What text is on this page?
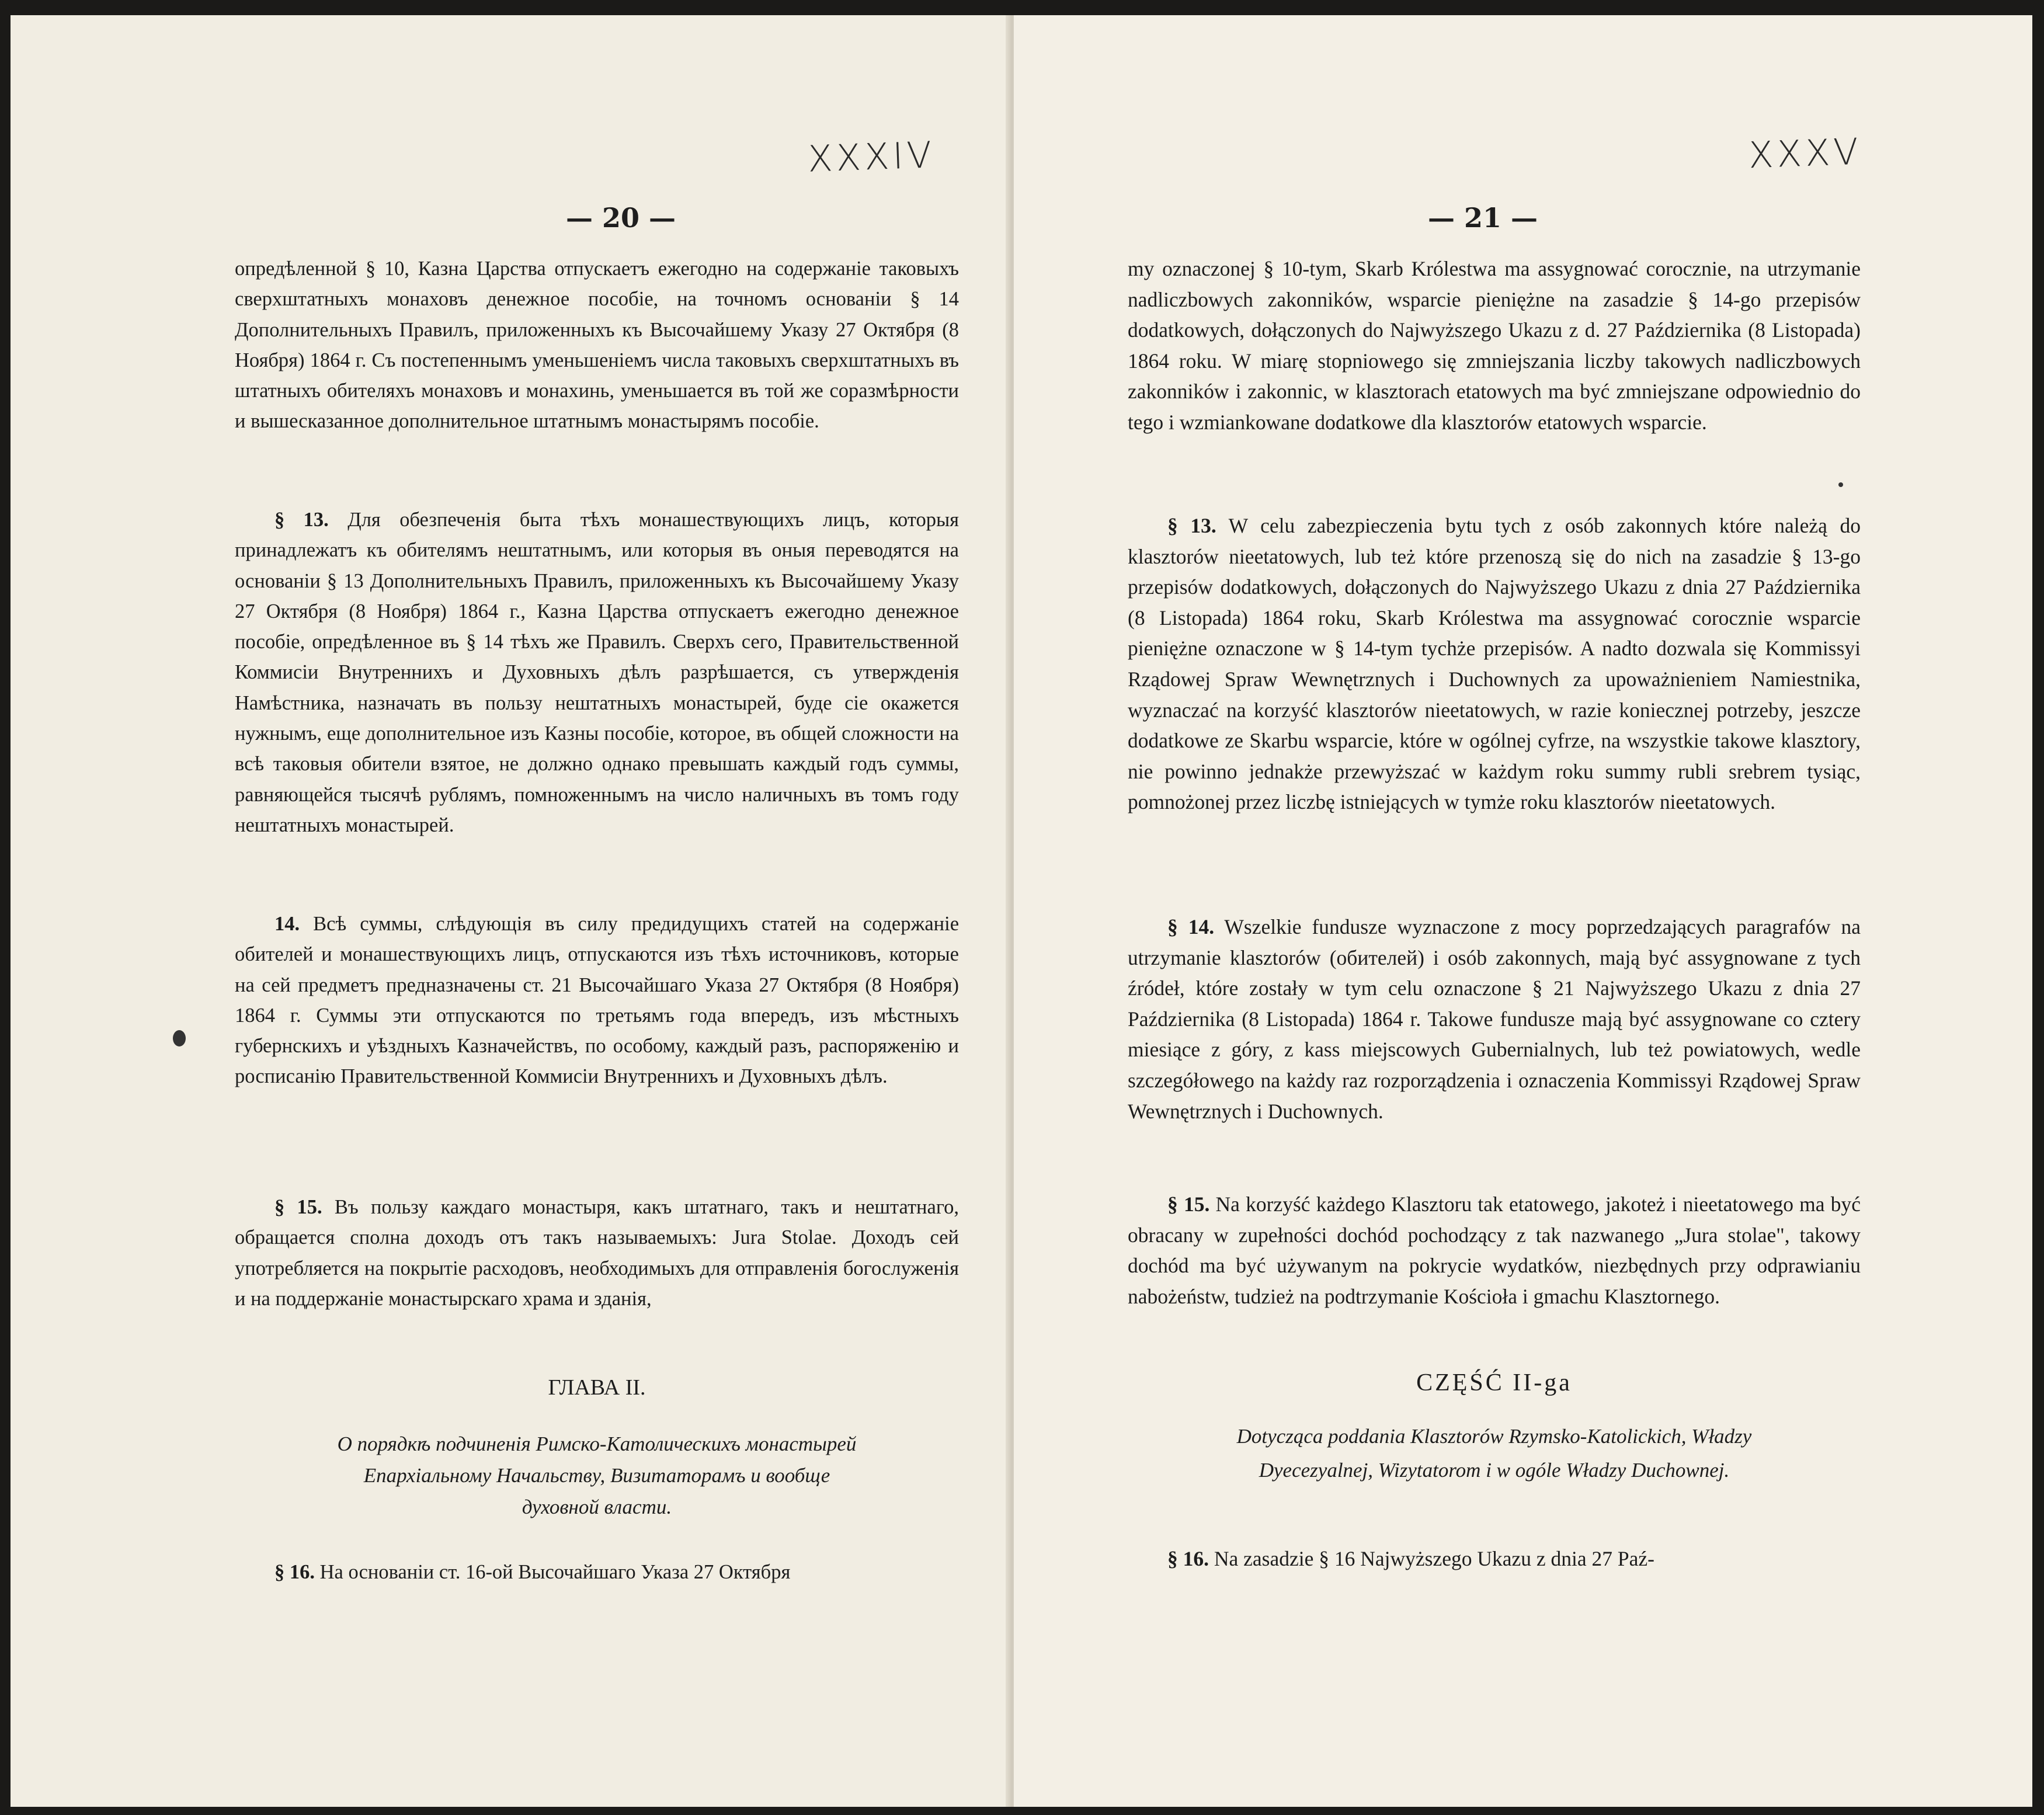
XXXIV
— 20 —

опредѣленной § 10, Казна Царства отпускаетъ ежегодно на содержаніе таковыхъ сверхштатныхъ монаховъ денежное пособіе, на точномъ основаніи § 14 Дополнительныхъ Правилъ, приложенныхъ къ Высочайшему Указу 27 Октября (8 Ноября) 1864 г. Съ постепеннымъ уменьшеніемъ числа таковыхъ сверхштатныхъ въ штатныхъ обителяхъ монаховъ и монахинь, уменьшается въ той же соразмѣрности и вышесказанное дополнительное штатнымъ монастырямъ пособіе.

§ 13. Для обезпеченія быта тѣхъ монашествующихъ лицъ, которыя принадлежатъ къ обителямъ нештатнымъ, или которыя въ оныя переводятся на основаніи § 13 Дополнительныхъ Правилъ, приложенныхъ къ Высочайшему Указу 27 Октября (8 Ноября) 1864 г., Казна Царства отпускаетъ ежегодно денежное пособіе, опредѣленное въ § 14 тѣхъ же Правилъ. Сверхъ сего, Правительственной Коммисіи Внутреннихъ и Духовныхъ дѣлъ разрѣшается, съ утвержденія Намѣстника, назначать въ пользу нештатныхъ монастырей, буде сіе окажется нужнымъ, еще дополнительное изъ Казны пособіе, которое, въ общей сложности на всѣ таковыя обители взятое, не должно однако превышать каждый годъ суммы, равняющейся тысячѣ рублямъ, помноженнымъ на число наличныхъ въ томъ году нештатныхъ монастырей.

14. Всѣ суммы, слѣдующія въ силу предидущихъ статей на содержаніе обителей и монашествующихъ лицъ, отпускаются изъ тѣхъ источниковъ, которые на сей предметъ предназначены ст. 21 Высочайшаго Указа 27 Октября (8 Ноября) 1864 г. Суммы эти отпускаются по третьямъ года впередъ, изъ мѣстныхъ губернскихъ и уѣздныхъ Казначействъ, по особому, каждый разъ, распоряженію и росписанію Правительственной Коммисіи Внутреннихъ и Духовныхъ дѣлъ.

§ 15. Въ пользу каждаго монастыря, какъ штатнаго, такъ и нештатнаго, обращается сполна доходъ отъ такъ называемыхъ: Jura Stolae. Доходъ сей употребляется на покрытіе расходовъ, необходимыхъ для отправленія богослуженія и на поддержаніе монастырскаго храма и зданія,

ГЛАВА II.
О порядкѣ подчиненія Римско-Католическихъ монастырей
Епархіальному Начальству, Визитаторамъ и вообще
духовной власти.

§ 16. На основаніи ст. 16-ой Высочайшаго Указа 27 Октября

XXXV
— 21 —

my oznaczonej § 10-tym, Skarb Królestwa ma assygnować corocznie, na utrzymanie nadliczbowych zakonników, wsparcie pieniężne na zasadzie § 14-go przepisów dodatkowych, dołączonych do Najwyższego Ukazu z d. 27 Października (8 Listopada) 1864 roku. W miarę stopniowego się zmniejszania liczby takowych nadliczbowych zakonników i zakonnic, w klasztorach etatowych ma być zmniejszane odpowiednio do tego i wzmiankowane dodatkowe dla klasztorów etatowych wsparcie.

§ 13. W celu zabezpieczenia bytu tych z osób zakonnych które należą do klasztorów nieetatowych, lub też które przenoszą się do nich na zasadzie § 13-go przepisów dodatkowych, dołączonych do Najwyższego Ukazu z dnia 27 Października (8 Listopada) 1864 roku, Skarb Królestwa ma assygnować corocznie wsparcie pieniężne oznaczone w § 14-tym tychże przepisów. A nadto dozwala się Kommissyi Rządowej Spraw Wewnętrznych i Duchownych za upoważnieniem Namiestnika, wyznaczać na korzyść klasztorów nieetatowych, w razie koniecznej potrzeby, jeszcze dodatkowe ze Skarbu wsparcie, które w ogólnej cyfrze, na wszystkie takowe klasztory, nie powinno jednakże przewyższać w każdym roku summy rubli srebrem tysiąc, pomnożonej przez liczbę istniejących w tymże roku klasztorów nieetatowych.

§ 14. Wszelkie fundusze wyznaczone z mocy poprzedzających paragrafów na utrzymanie klasztorów (обителей) i osób zakonnych, mają być assygnowane z tych źródeł, które zostały w tym celu oznaczone § 21 Najwyższego Ukazu z dnia 27 Października (8 Listopada) 1864 r. Takowe fundusze mają być assygnowane co cztery miesiące z góry, z kass miejscowych Gubernialnych, lub też powiatowych, wedle szczegółowego na każdy raz rozporządzenia i oznaczenia Kommissyi Rządowej Spraw Wewnętrznych i Duchownych.

§ 15. Na korzyść każdego Klasztoru tak etatowego, jakoteż i nieetatowego ma być obracany w zupełności dochód pochodzący z tak nazwanego „Jura stolae", takowy dochód ma być używanym na pokrycie wydatków, niezbędnych przy odprawianiu nabożeństw, tudzież na podtrzymanie Kościoła i gmachu Klasztornego.

CZĘŚĆ II-ga
Dotycząca poddania Klasztorów Rzymsko-Katolickich, Władzy
Dyecezyalnej, Wizytatorom i w ogóle Władzy Duchownej.

§ 16. Na zasadzie § 16 Najwyższego Ukazu z dnia 27 Paź-
